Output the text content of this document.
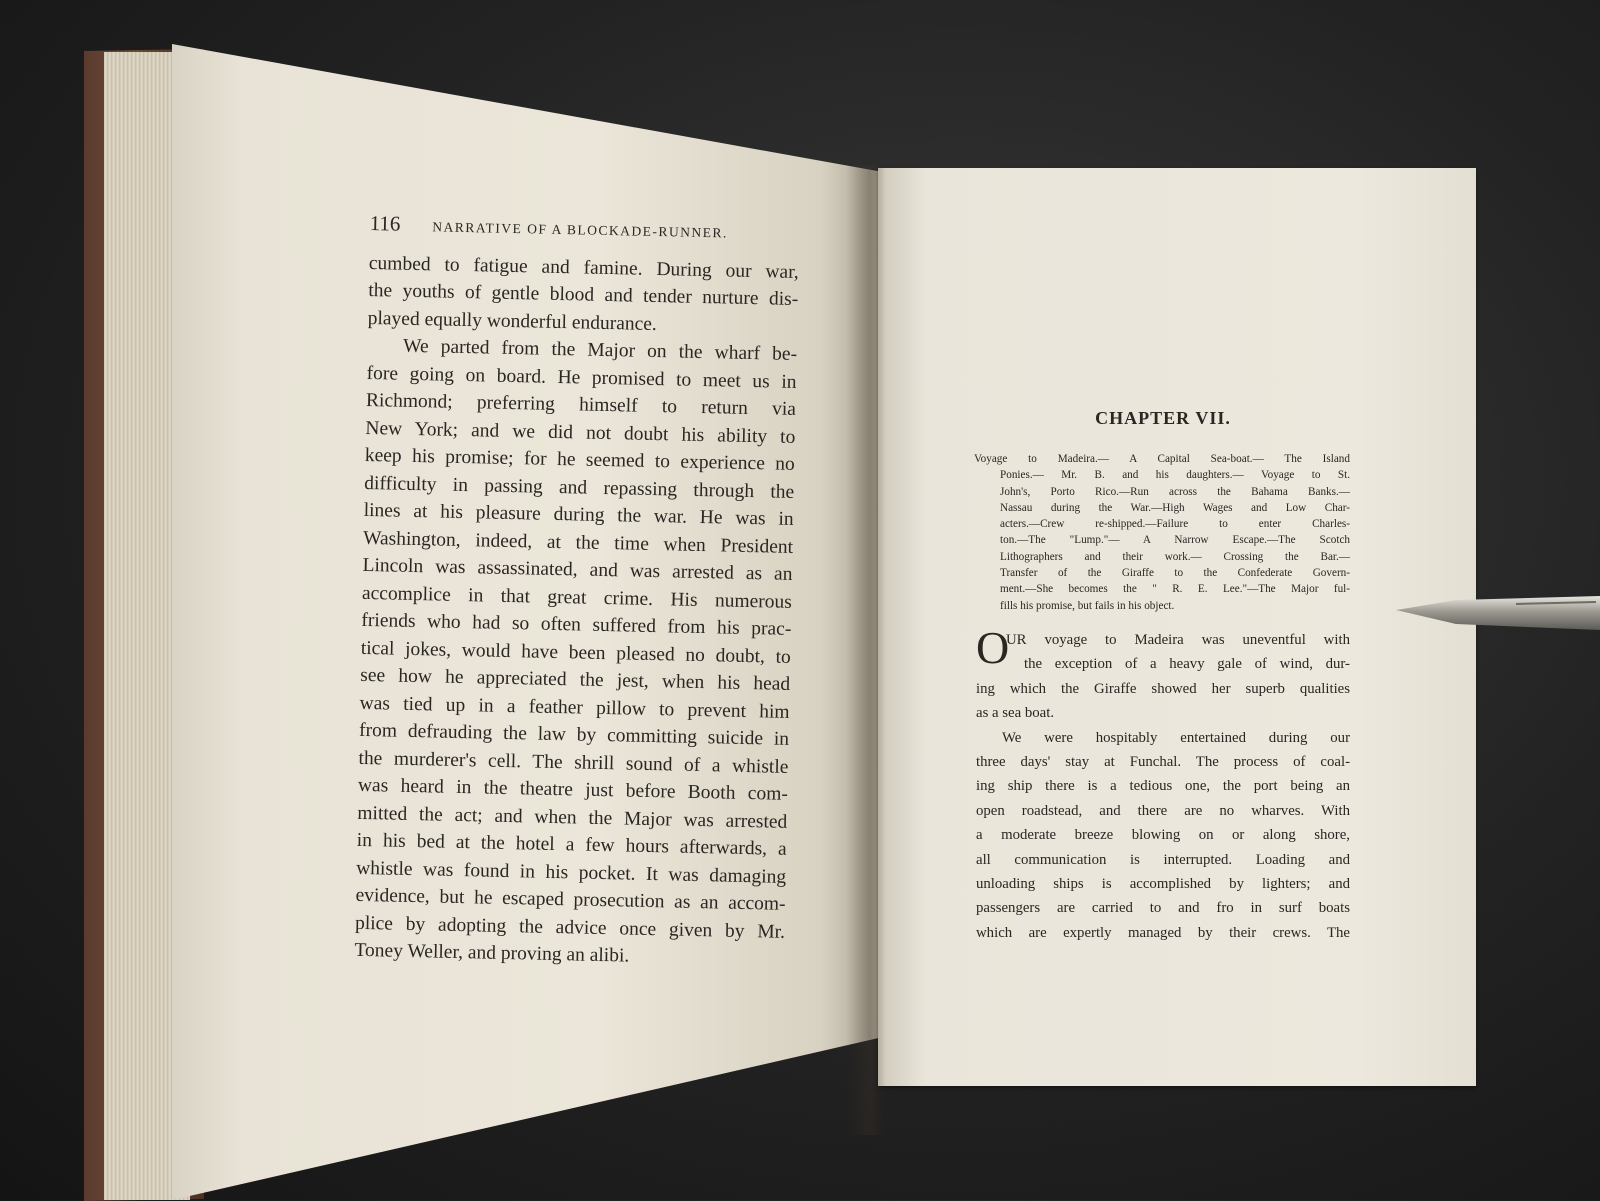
116 NARRATIVE OF A BLOCKADE-RUNNER.
cumbed to fatigue and famine. During our war,
the youths of gentle blood and tender nurture dis-
played equally wonderful endurance.
We parted from the Major on the wharf be-
fore going on board. He promised to meet us in
Richmond; preferring himself to return via
New York; and we did not doubt his ability to
keep his promise; for he seemed to experience no
difficulty in passing and repassing through the
lines at his pleasure during the war. He was in
Washington, indeed, at the time when President
Lincoln was assassinated, and was arrested as an
accomplice in that great crime. His numerous
friends who had so often suffered from his prac-
tical jokes, would have been pleased no doubt, to
see how he appreciated the jest, when his head
was tied up in a feather pillow to prevent him
from defrauding the law by committing suicide in
the murderer's cell. The shrill sound of a whistle
was heard in the theatre just before Booth com-
mitted the act; and when the Major was arrested
in his bed at the hotel a few hours afterwards, a
whistle was found in his pocket. It was damaging
evidence, but he escaped prosecution as an accom-
plice by adopting the advice once given by Mr.
Toney Weller, and proving an alibi.
CHAPTER VII.
Voyage to Madeira.— A Capital Sea-boat.— The Island
Ponies.— Mr. B. and his daughters.— Voyage to St.
John's, Porto Rico.—Run across the Bahama Banks.—
Nassau during the War.—High Wages and Low Char-
acters.—Crew re-shipped.—Failure to enter Charles-
ton.—The "Lump."— A Narrow Escape.—The Scotch
Lithographers and their work.— Crossing the Bar.—
Transfer of the Giraffe to the Confederate Govern-
ment.—She becomes the " R. E. Lee."—The Major ful-
fills his promise, but fails in his object.
O
UR voyage to Madeira was uneventful with
the exception of a heavy gale of wind, dur-
ing which the Giraffe showed her superb qualities
as a sea boat.
We were hospitably entertained during our
three days' stay at Funchal. The process of coal-
ing ship there is a tedious one, the port being an
open roadstead, and there are no wharves. With
a moderate breeze blowing on or along shore,
all communication is interrupted. Loading and
unloading ships is accomplished by lighters; and
passengers are carried to and fro in surf boats
which are expertly managed by their crews. The
